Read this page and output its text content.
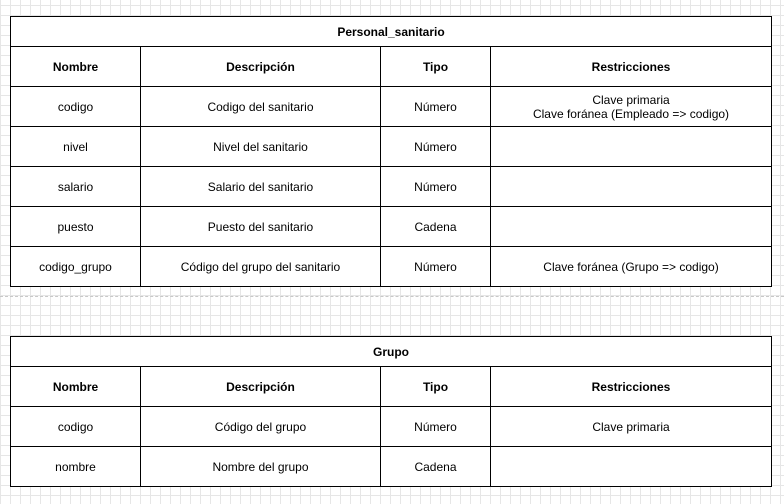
Personal_sanitario			
Nombre	Descripción	Tipo	Restricciones
codigo	Codigo del sanitario	Número	Clave primaria
Clave foránea (Empleado => codigo)

nivel	Nivel del sanitario	Número	
salario	Salario del sanitario	Número	
puesto	Puesto del sanitario	Cadena	
codigo_grupo	Código del grupo del sanitario	Número	Clave foránea (Grupo => codigo)
Grupo			
Nombre	Descripción	Tipo	Restricciones
codigo	Código del grupo	Número	Clave primaria
nombre	Nombre del grupo	Cadena	
